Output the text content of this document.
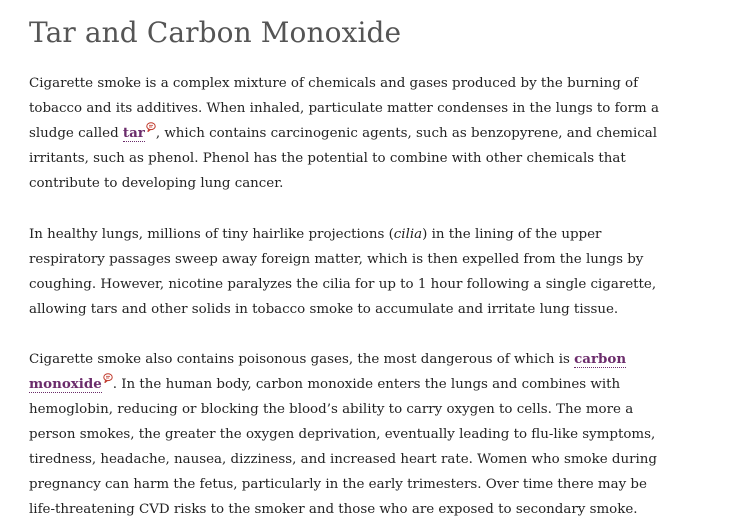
Tar and Carbon Monoxide

Cigarette smoke is a complex mixture of chemicals and gases produced by the burning of tobacco and its additives. When inhaled, particulate matter condenses in the lungs to form a sludge called tar , which contains carcinogenic agents, such as benzopyrene, and chemical irritants, such as phenol. Phenol has the potential to combine with other chemicals that contribute to developing lung cancer.

In healthy lungs, millions of tiny hairlike projections (cilia) in the lining of the upper respiratory passages sweep away foreign matter, which is then expelled from the lungs by coughing. However, nicotine paralyzes the cilia for up to 1 hour following a single cigarette, allowing tars and other solids in tobacco smoke to accumulate and irritate lung tissue.

Cigarette smoke also contains poisonous gases, the most dangerous of which is carbon monoxide . In the human body, carbon monoxide enters the lungs and combines with hemoglobin, reducing or blocking the blood’s ability to carry oxygen to cells. The more a person smokes, the greater the oxygen deprivation, eventually leading to flu-like symptoms, tiredness, headache, nausea, dizziness, and increased heart rate. Women who smoke during pregnancy can harm the fetus, particularly in the early trimesters. Over time there may be life-threatening CVD risks to the smoker and those who are exposed to secondary smoke.
